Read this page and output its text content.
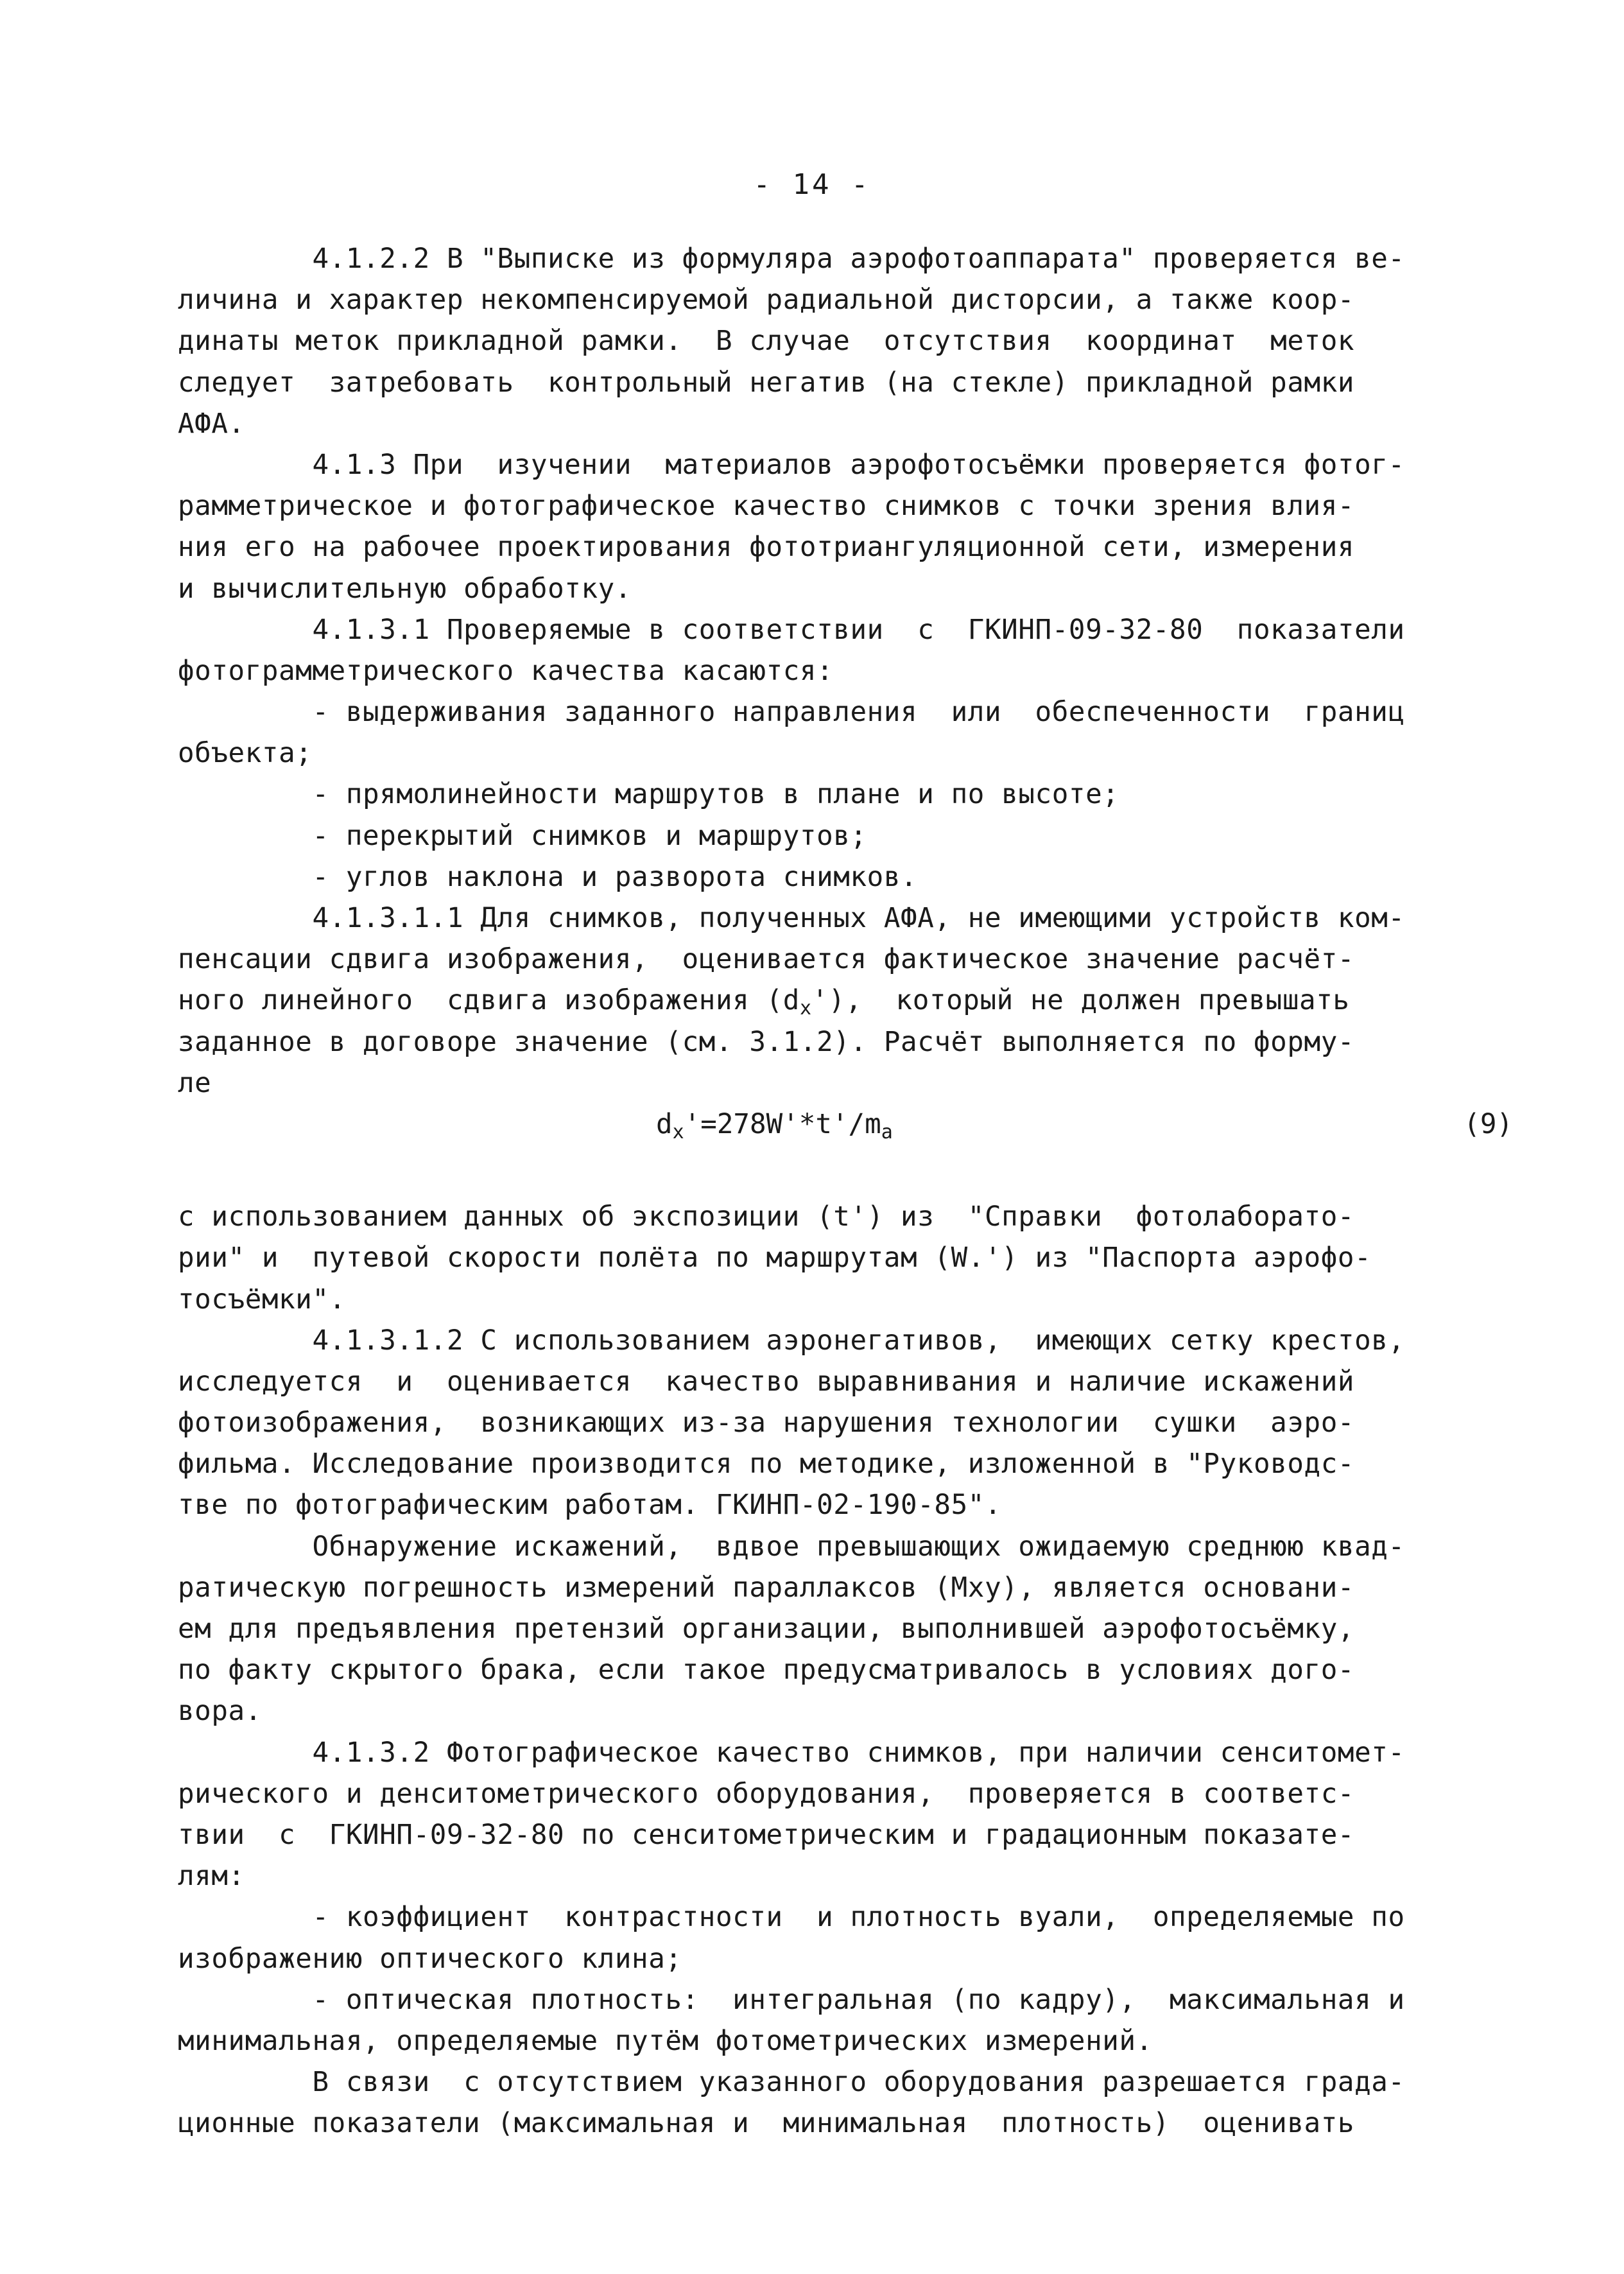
- 14 -
4.1.2.2 В "Выписке из формуляра аэрофотоаппарата" проверяется ве-
личина и характер некомпенсируемой радиальной дисторсии, а также коор-
динаты меток прикладной рамки.  В случае  отсутствия  координат  меток
следует  затребовать  контрольный негатив (на стекле) прикладной рамки
АФА.
4.1.3 При  изучении  материалов аэрофотосъёмки проверяется фотог-
рамметрическое и фотографическое качество снимков с точки зрения влия-
ния его на рабочее проектирования фототриангуляционной сети, измерения
и вычислительную обработку.
4.1.3.1 Проверяемые в соответствии  с  ГКИНП-09-32-80  показатели
фотограмметрического качества касаются:
- выдерживания заданного направления  или  обеспеченности  границ
объекта;
- прямолинейности маршрутов в плане и по высоте;
- перекрытий снимков и маршрутов;
- углов наклона и разворота снимков.
4.1.3.1.1 Для снимков, полученных АФА, не имеющими устройств ком-
пенсации сдвига изображения,  оценивается фактическое значение расчёт-
ного линейного  сдвига изображения $(d_x')$,  который не должен превышать
заданное в договоре значение (см. 3.1.2). Расчёт выполняется по форму-
ле
$d_x'=278W'*t'/m_a$	(9)
с использованием данных об экспозиции (t') из  "Справки  фотолаборато-
рии" и  путевой скорости полёта по маршрутам (W.') из "Паспорта аэрофо-
тосъёмки".
4.1.3.1.2 С использованием аэронегативов,  имеющих сетку крестов,
исследуется  и  оценивается  качество выравнивания и наличие искажений
фотоизображения,  возникающих из-за нарушения технологии  сушки  аэро-
фильма. Исследование производится по методике, изложенной в "Руководс-
тве по фотографическим работам. ГКИНП-02-190-85".
Обнаружение искажений,  вдвое превышающих ожидаемую среднюю квад-
ратическую погрешность измерений параллаксов (Мху), является основани-
ем для предъявления претензий организации, выполнившей аэрофотосъёмку,
по факту скрытого брака, если такое предусматривалось в условиях дого-
вора.
4.1.3.2 Фотографическое качество снимков, при наличии сенситомет-
рического и денситометрического оборудования,  проверяется в соответс-
твии  с  ГКИНП-09-32-80 по сенситометрическим и градационным показате-
лям:
- коэффициент  контрастности  и плотность вуали,  определяемые по
изображению оптического клина;
- оптическая плотность:  интегральная (по кадру),  максимальная и
минимальная, определяемые путём фотометрических измерений.
В связи  с отсутствием указанного оборудования разрешается града-
ционные показатели (максимальная и  минимальная  плотность)  оценивать
